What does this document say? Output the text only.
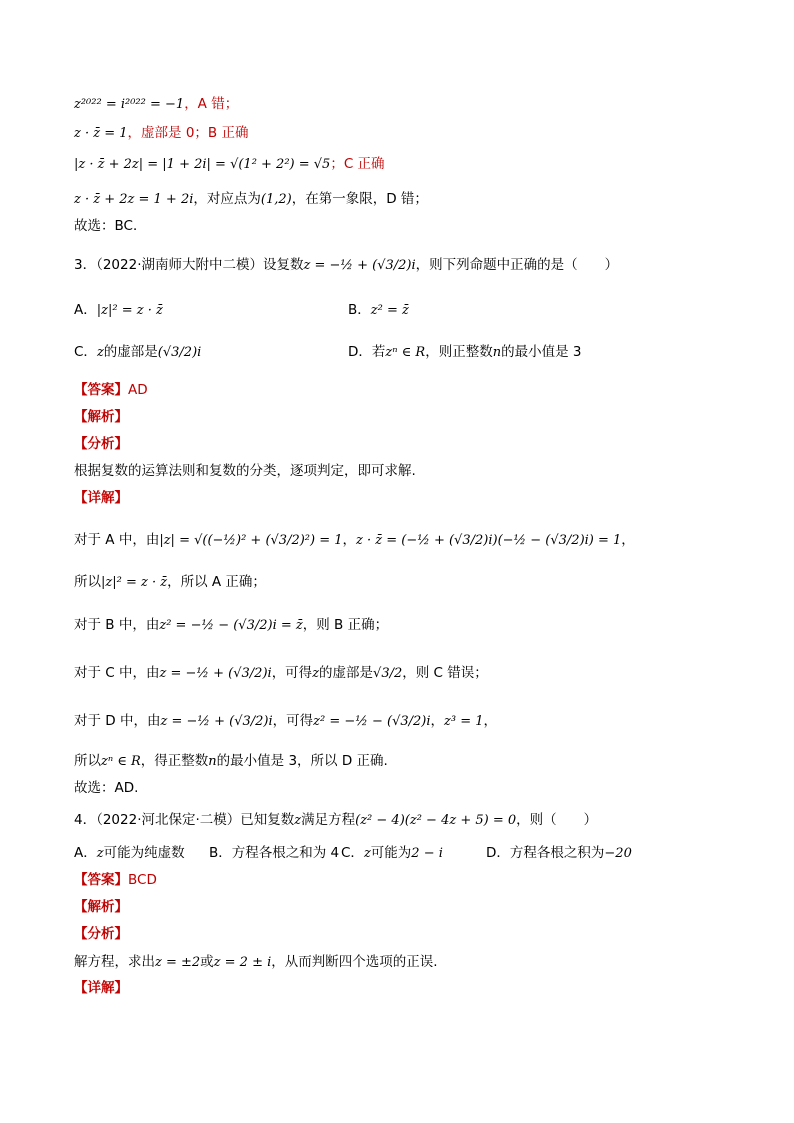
z²⁰²² = i²⁰²² = −1，A 错；
z · z̄ = 1，虚部是 0；B 正确
|z · z̄ + 2z| = |1 + 2i| = √(1² + 2²) = √5；C 正确
z · z̄ + 2z = 1 + 2i，对应点为(1,2)，在第一象限，D 错；
故选：BC．
3．（2022·湖南师大附中二模）设复数z = −½ + (√3/2)i，则下列命题中正确的是（　　）
A．|z|² = z · z̄	B．z² = z̄
C．z的虚部是(√3/2)i	D．若zⁿ ∈ R，则正整数n的最小值是 3
【答案】AD
【解析】
【分析】
根据复数的运算法则和复数的分类，逐项判定，即可求解.
【详解】
对于 A 中，由|z| = √((−½)² + (√3/2)²) = 1，z · z̄ = (−½ + (√3/2)i)(−½ − (√3/2)i) = 1，
所以|z|² = z · z̄，所以 A 正确；
对于 B 中，由z² = −½ − (√3/2)i = z̄，则 B 正确；
对于 C 中，由z = −½ + (√3/2)i，可得z的虚部是√3/2，则 C 错误；
对于 D 中，由z = −½ + (√3/2)i，可得z² = −½ − (√3/2)i，z³ = 1，
所以zⁿ ∈ R，得正整数n的最小值是 3，所以 D 正确.
故选：AD.
4．（2022·河北保定·二模）已知复数z满足方程(z² − 4)(z² − 4z + 5) = 0，则（　　）
A．z可能为纯虚数 B．方程各根之和为 4 C．z可能为2 − i	D．方程各根之积为−20
【答案】BCD
【解析】
【分析】
解方程，求出z = ±2或z = 2 ± i，从而判断四个选项的正误.
【详解】
